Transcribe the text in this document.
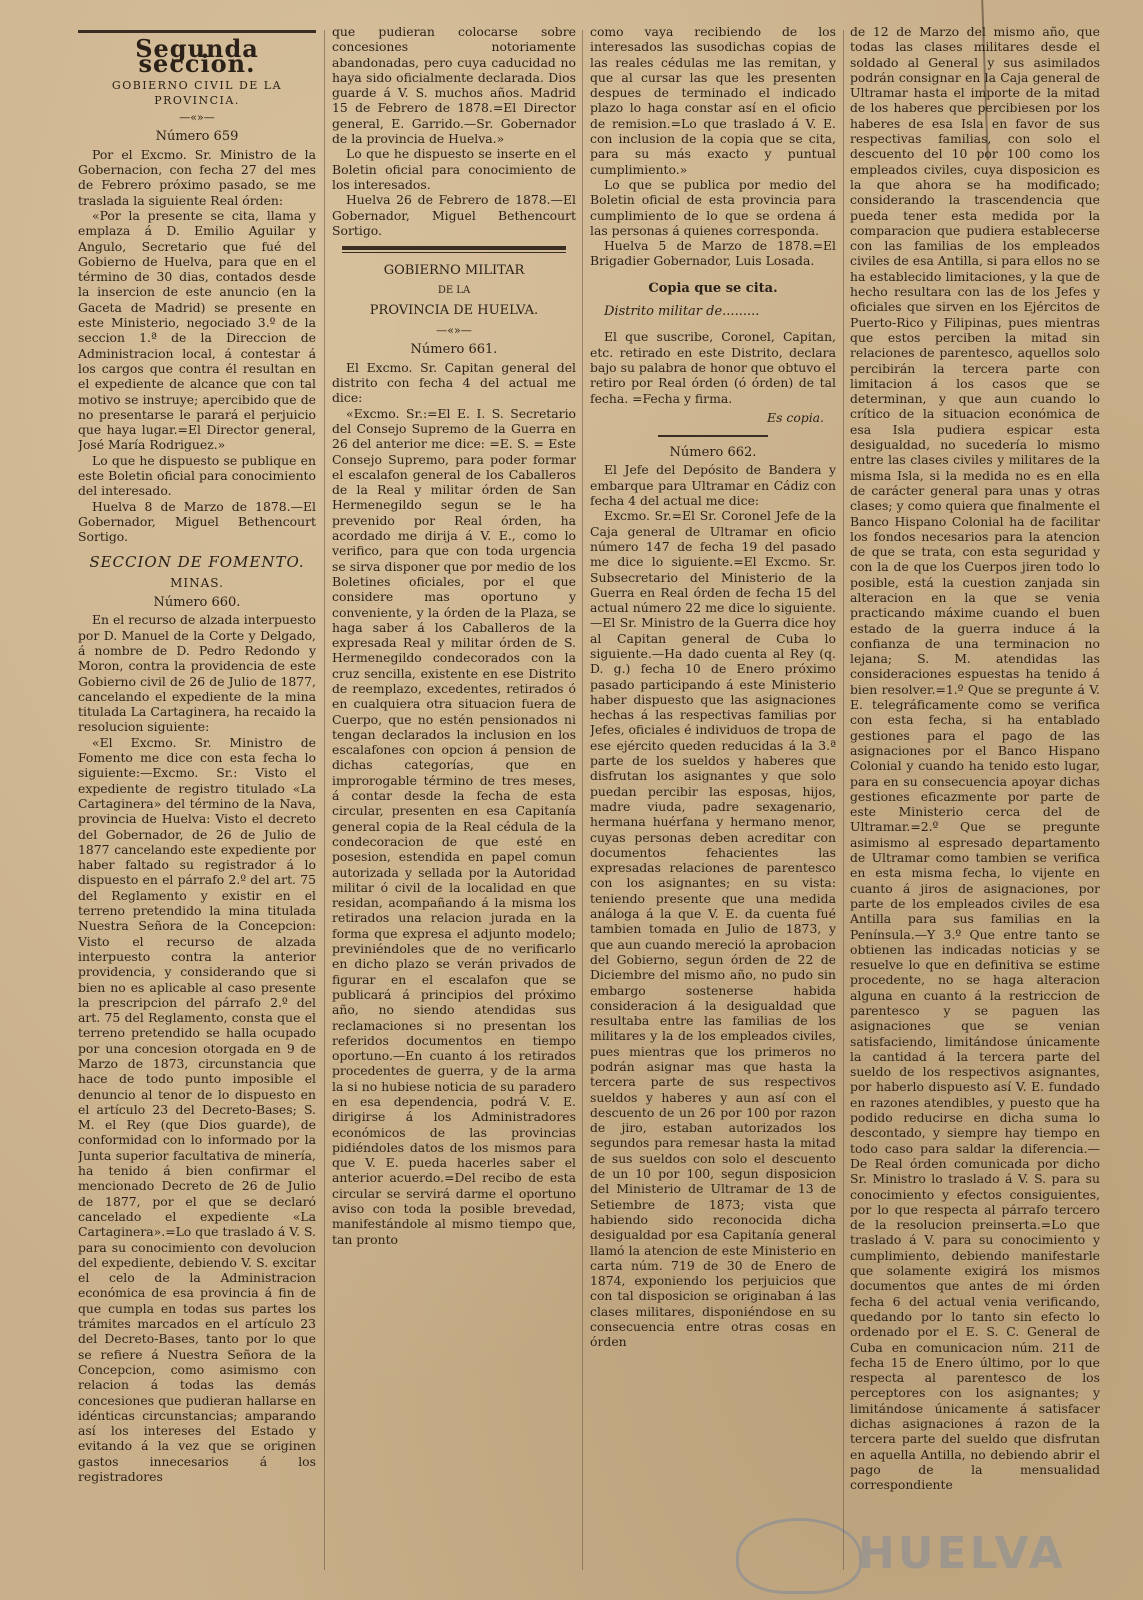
Segunda seccion.
GOBIERNO CIVIL DE LA PROVINCIA.
—«»—
Número 659

Por el Excmo. Sr. Ministro de la Gobernacion, con fecha 27 del mes de Febrero próximo pasado, se me traslada la siguiente Real órden:

«Por la presente se cita, llama y emplaza á D. Emilio Aguilar y Angulo, Secretario que fué del Gobierno de Huelva, para que en el término de 30 dias, contados desde la insercion de este anuncio (en la Gaceta de Madrid) se presente en este Ministerio, negociado 3.º de la seccion 1.ª de la Direccion de Administracion local, á contestar á los cargos que contra él resultan en el expediente de alcance que con tal motivo se instruye; apercibido que de no presentarse le parará el perjuicio que haya lugar.=El Director general, José María Rodriguez.»

Lo que he dispuesto se publique en este Boletin oficial para conocimiento del interesado.

Huelva 8 de Marzo de 1878.—El Gobernador, Miguel Bethencourt Sortigo.

SECCION DE FOMENTO.
MINAS.
Número 660.

En el recurso de alzada interpuesto por D. Manuel de la Corte y Delgado, á nombre de D. Pedro Redondo y Moron, contra la providencia de este Gobierno civil de 26 de Julio de 1877, cancelando el expediente de la mina titulada La Cartaginera, ha recaido la resolucion siguiente:

«El Excmo. Sr. Ministro de Fomento me dice con esta fecha lo siguiente:—Excmo. Sr.: Visto el expediente de registro titulado «La Cartaginera» del término de la Nava, provincia de Huelva: Visto el decreto del Gobernador, de 26 de Julio de 1877 cancelando este expediente por haber faltado su registrador á lo dispuesto en el párrafo 2.º del art. 75 del Reglamento y existir en el terreno pretendido la mina titulada Nuestra Señora de la Concepcion: Visto el recurso de alzada interpuesto contra la anterior providencia, y considerando que si bien no es aplicable al caso presente la prescripcion del párrafo 2.º del art. 75 del Reglamento, consta que el terreno pretendido se halla ocupado por una concesion otorgada en 9 de Marzo de 1873, circunstancia que hace de todo punto imposible el denuncio al tenor de lo dispuesto en el artículo 23 del Decreto-Bases; S. M. el Rey (que Dios guarde), de conformidad con lo informado por la Junta superior facultativa de minería, ha tenido á bien confirmar el mencionado Decreto de 26 de Julio de 1877, por el que se declaró cancelado el expediente «La Cartaginera».=Lo que traslado á V. S. para su conocimiento con devolucion del expediente, debiendo V. S. excitar el celo de la Administracion económica de esa provincia á fin de que cumpla en todas sus partes los trámites marcados en el artículo 23 del Decreto-Bases, tanto por lo que se refiere á Nuestra Señora de la Concepcion, como asimismo con relacion á todas las demás concesiones que pudieran hallarse en idénticas circunstancias; amparando así los intereses del Estado y evitando á la vez que se originen gastos innecesarios á los registradores

que pudieran colocarse sobre concesiones notoriamente abandonadas, pero cuya caducidad no haya sido oficialmente declarada. Dios guarde á V. S. muchos años. Madrid 15 de Febrero de 1878.=El Director general, E. Garrido.—Sr. Gobernador de la provincia de Huelva.»

Lo que he dispuesto se inserte en el Boletin oficial para conocimiento de los interesados.

Huelva 26 de Febrero de 1878.—El Gobernador, Miguel Bethencourt Sortigo.

GOBIERNO MILITAR
DE LA
PROVINCIA DE HUELVA.
—«»—
Número 661.

El Excmo. Sr. Capitan general del distrito con fecha 4 del actual me dice:

«Excmo. Sr.:=El E. I. S. Secretario del Consejo Supremo de la Guerra en 26 del anterior me dice: =E. S. = Este Consejo Supremo, para poder formar el escalafon general de los Caballeros de la Real y militar órden de San Hermenegildo segun se le ha prevenido por Real órden, ha acordado me dirija á V. E., como lo verifico, para que con toda urgencia se sirva disponer que por medio de los Boletines oficiales, por el que considere mas oportuno y conveniente, y la órden de la Plaza, se haga saber á los Caballeros de la expresada Real y militar órden de S. Hermenegildo condecorados con la cruz sencilla, existente en ese Distrito de reemplazo, excedentes, retirados ó en cualquiera otra situacion fuera de Cuerpo, que no estén pensionados ni tengan declarados la inclusion en los escalafones con opcion á pension de dichas categorías, que en improrogable término de tres meses, á contar desde la fecha de esta circular, presenten en esa Capitanía general copia de la Real cédula de la condecoracion de que esté en posesion, estendida en papel comun autorizada y sellada por la Autoridad militar ó civil de la localidad en que residan, acompañando á la misma los retirados una relacion jurada en la forma que expresa el adjunto modelo; previniéndoles que de no verificarlo en dicho plazo se verán privados de figurar en el escalafon que se publicará á principios del próximo año, no siendo atendidas sus reclamaciones si no presentan los referidos documentos en tiempo oportuno.—En cuanto á los retirados procedentes de guerra, y de la arma la si no hubiese noticia de su paradero en esa dependencia, podrá V. E. dirigirse á los Administradores económicos de las provincias pidiéndoles datos de los mismos para que V. E. pueda hacerles saber el anterior acuerdo.=Del recibo de esta circular se servirá darme el oportuno aviso con toda la posible brevedad, manifestándole al mismo tiempo que, tan pronto

como vaya recibiendo de los interesados las susodichas copias de las reales cédulas me las remitan, y que al cursar las que les presenten despues de terminado el indicado plazo lo haga constar así en el oficio de remision.=Lo que traslado á V. E. con inclusion de la copia que se cita, para su más exacto y puntual cumplimiento.»

Lo que se publica por medio del Boletin oficial de esta provincia para cumplimiento de lo que se ordena á las personas á quienes corresponda.

Huelva 5 de Marzo de 1878.=El Brigadier Gobernador, Luis Losada.

Copia que se cita.
Distrito militar de.........

El que suscribe, Coronel, Capitan, etc. retirado en este Distrito, declara bajo su palabra de honor que obtuvo el retiro por Real órden (ó órden) de tal fecha. =Fecha y firma.

Es copia.
Número 662.

El Jefe del Depósito de Bandera y embarque para Ultramar en Cádiz con fecha 4 del actual me dice:

Excmo. Sr.=El Sr. Coronel Jefe de la Caja general de Ultramar en oficio número 147 de fecha 19 del pasado me dice lo siguiente.=El Excmo. Sr. Subsecretario del Ministerio de la Guerra en Real órden de fecha 15 del actual número 22 me dice lo siguiente.—El Sr. Ministro de la Guerra dice hoy al Capitan general de Cuba lo siguiente.—Ha dado cuenta al Rey (q. D. g.) fecha 10 de Enero próximo pasado participando á este Ministerio haber dispuesto que las asignaciones hechas á las respectivas familias por Jefes, oficiales é individuos de tropa de ese ejército queden reducidas á la 3.ª parte de los sueldos y haberes que disfrutan los asignantes y que solo puedan percibir las esposas, hijos, madre viuda, padre sexagenario, hermana huérfana y hermano menor, cuyas personas deben acreditar con documentos fehacientes las expresadas relaciones de parentesco con los asignantes; en su vista: teniendo presente que una medida análoga á la que V. E. da cuenta fué tambien tomada en Julio de 1873, y que aun cuando mereció la aprobacion del Gobierno, segun órden de 22 de Diciembre del mismo año, no pudo sin embargo sostenerse habida consideracion á la desigualdad que resultaba entre las familias de los militares y la de los empleados civiles, pues mientras que los primeros no podrán asignar mas que hasta la tercera parte de sus respectivos sueldos y haberes y aun así con el descuento de un 26 por 100 por razon de jiro, estaban autorizados los segundos para remesar hasta la mitad de sus sueldos con solo el descuento de un 10 por 100, segun disposicion del Ministerio de Ultramar de 13 de Setiembre de 1873; vista que habiendo sido reconocida dicha desigualdad por esa Capitanía general llamó la atencion de este Ministerio en carta núm. 719 de 30 de Enero de 1874, exponiendo los perjuicios que con tal disposicion se originaban á las clases militares, disponiéndose en su consecuencia entre otras cosas en órden

de 12 de Marzo del mismo año, que todas las clases militares desde el soldado al General y sus asimilados podrán consignar en la Caja general de Ultramar hasta el importe de la mitad de los haberes que percibiesen por los haberes de esa Isla en favor de sus respectivas familias, con solo el descuento del 10 por 100 como los empleados civiles, cuya disposicion es la que ahora se ha modificado; considerando la trascendencia que pueda tener esta medida por la comparacion que pudiera establecerse con las familias de los empleados civiles de esa Antilla, si para ellos no se ha establecido limitaciones, y la que de hecho resultara con las de los Jefes y oficiales que sirven en los Ejércitos de Puerto-Rico y Filipinas, pues mientras que estos perciben la mitad sin relaciones de parentesco, aquellos solo percibirán la tercera parte con limitacion á los casos que se determinan, y que aun cuando lo crítico de la situacion económica de esa Isla pudiera espicar esta desigualdad, no sucedería lo mismo entre las clases civiles y militares de la misma Isla, si la medida no es en ella de carácter general para unas y otras clases; y como quiera que finalmente el Banco Hispano Colonial ha de facilitar los fondos necesarios para la atencion de que se trata, con esta seguridad y con la de que los Cuerpos jiren todo lo posible, está la cuestion zanjada sin alteracion en la que se venia practicando máxime cuando el buen estado de la guerra induce á la confianza de una terminacion no lejana; S. M. atendidas las consideraciones espuestas ha tenido á bien resolver.=1.º Que se pregunte á V. E. telegráficamente como se verifica con esta fecha, si ha entablado gestiones para el pago de las asignaciones por el Banco Hispano Colonial y cuando ha tenido esto lugar, para en su consecuencia apoyar dichas gestiones eficazmente por parte de este Ministerio cerca del de Ultramar.=2.º Que se pregunte asimismo al espresado departamento de Ultramar como tambien se verifica en esta misma fecha, lo vijente en cuanto á jiros de asignaciones, por parte de los empleados civiles de esa Antilla para sus familias en la Península.—Y 3.º Que entre tanto se obtienen las indicadas noticias y se resuelve lo que en definitiva se estime procedente, no se haga alteracion alguna en cuanto á la restriccion de parentesco y se paguen las asignaciones que se venian satisfaciendo, limitándose únicamente la cantidad á la tercera parte del sueldo de los respectivos asignantes, por haberlo dispuesto así V. E. fundado en razones atendibles, y puesto que ha podido reducirse en dicha suma lo descontado, y siempre hay tiempo en todo caso para saldar la diferencia.—De Real órden comunicada por dicho Sr. Ministro lo traslado á V. S. para su conocimiento y efectos consiguientes, por lo que respecta al párrafo tercero de la resolucion preinserta.=Lo que traslado á V. para su conocimiento y cumplimiento, debiendo manifestarle que solamente exigirá los mismos documentos que antes de mi órden fecha 6 del actual venia verificando, quedando por lo tanto sin efecto lo ordenado por el E. S. C. General de Cuba en comunicacion núm. 211 de fecha 15 de Enero último, por lo que respecta al parentesco de los perceptores con los asignantes; y limitándose únicamente á satisfacer dichas asignaciones á razon de la tercera parte del sueldo que disfrutan en aquella Antilla, no debiendo abrir el pago de la mensualidad correspondiente

HUELVA
